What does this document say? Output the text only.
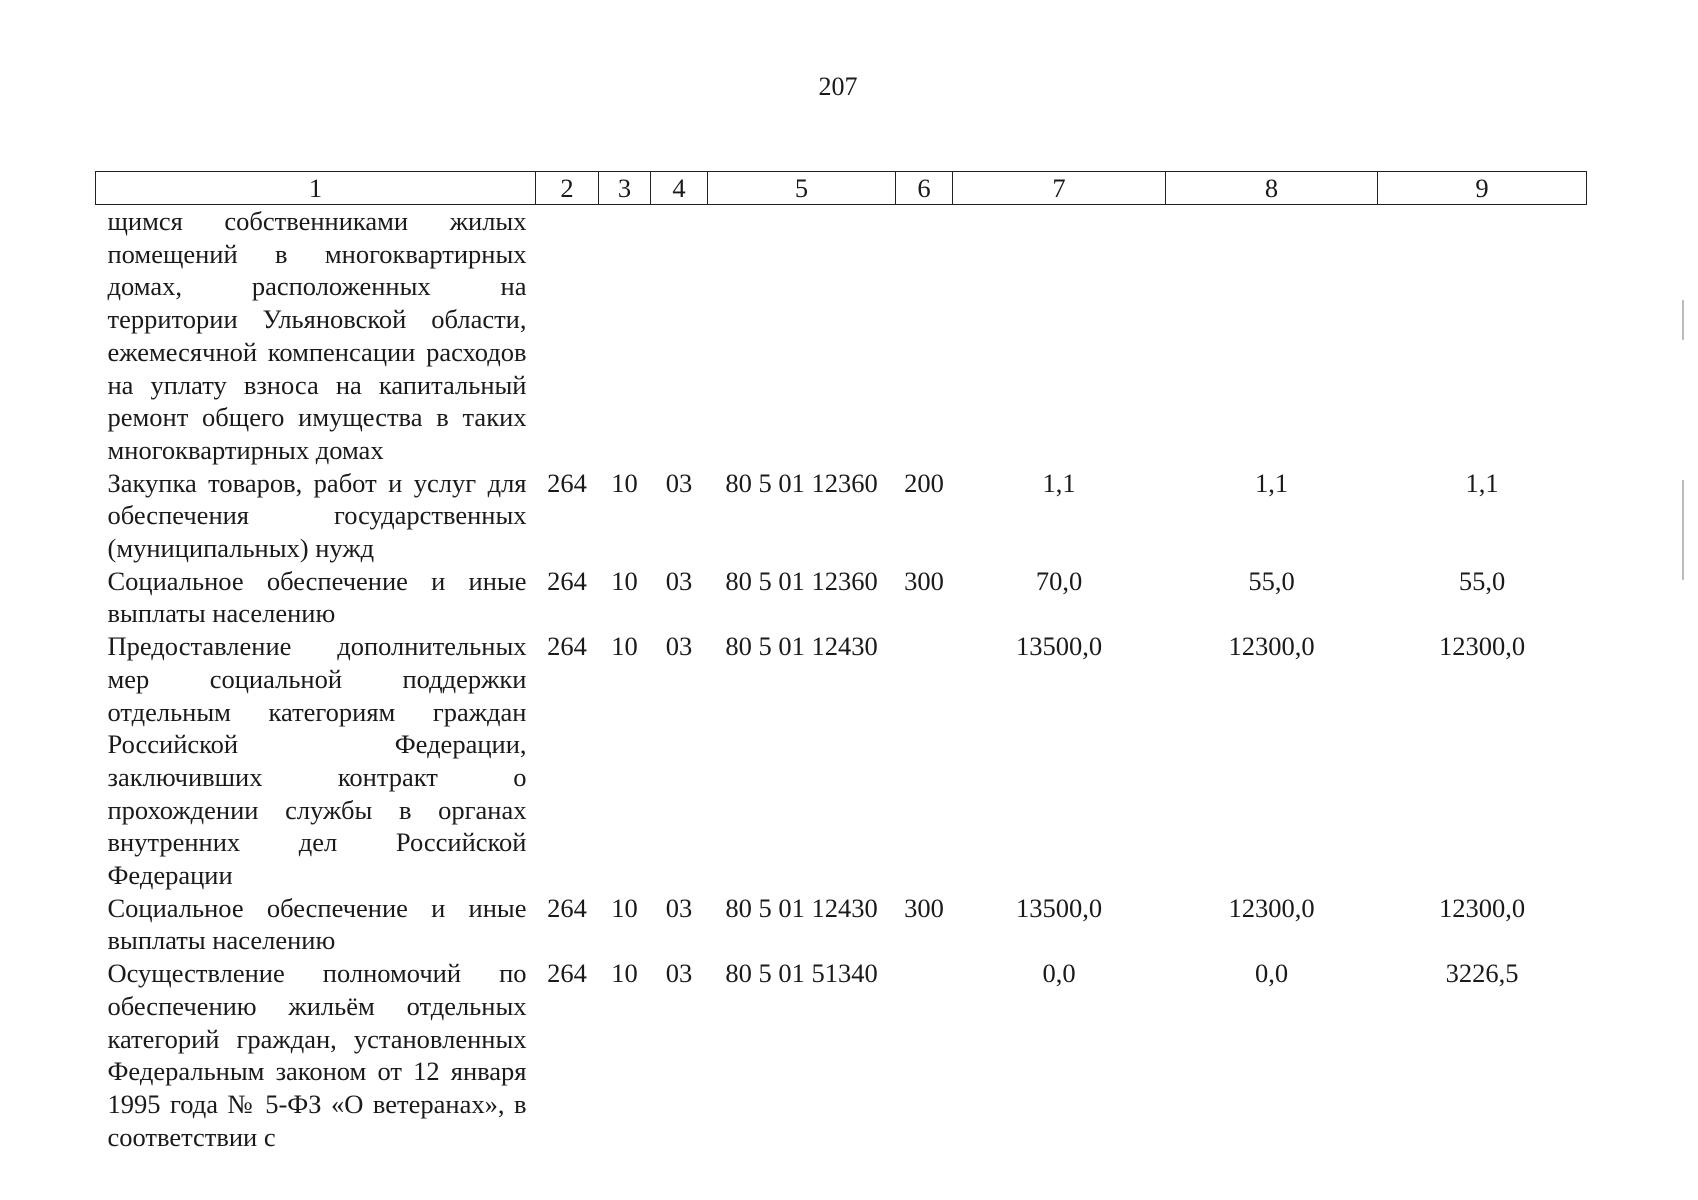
207
1	2	3	4	5	6	7	8	9
щимся собственниками жилых помещений в многоквартирных домах, расположенных на территории Ульяновской области, ежемесячной компенсации расходов на уплату взноса на капитальный ремонт общего имущества в таких многоквартирных домах								
Закупка товаров, работ и услуг для обеспечения государственных (муниципальных) нужд	264	10	03	80 5 01 12360	200	1,1	1,1	1,1
Социальное обеспечение и иные выплаты населению	264	10	03	80 5 01 12360	300	70,0	55,0	55,0
Предоставление дополнительных мер социальной поддержки отдельным категориям граждан Российской Федерации, заключивших контракт о прохождении службы в органах внутренних дел Российской Федерации	264	10	03	80 5 01 12430		13500,0	12300,0	12300,0
Социальное обеспечение и иные выплаты населению	264	10	03	80 5 01 12430	300	13500,0	12300,0	12300,0
Осуществление полномочий по обеспечению жильём отдельных категорий граждан, установленных Федеральным законом от 12 января 1995 года № 5-ФЗ «О ветеранах», в соответствии с	264	10	03	80 5 01 51340		0,0	0,0	3226,5
